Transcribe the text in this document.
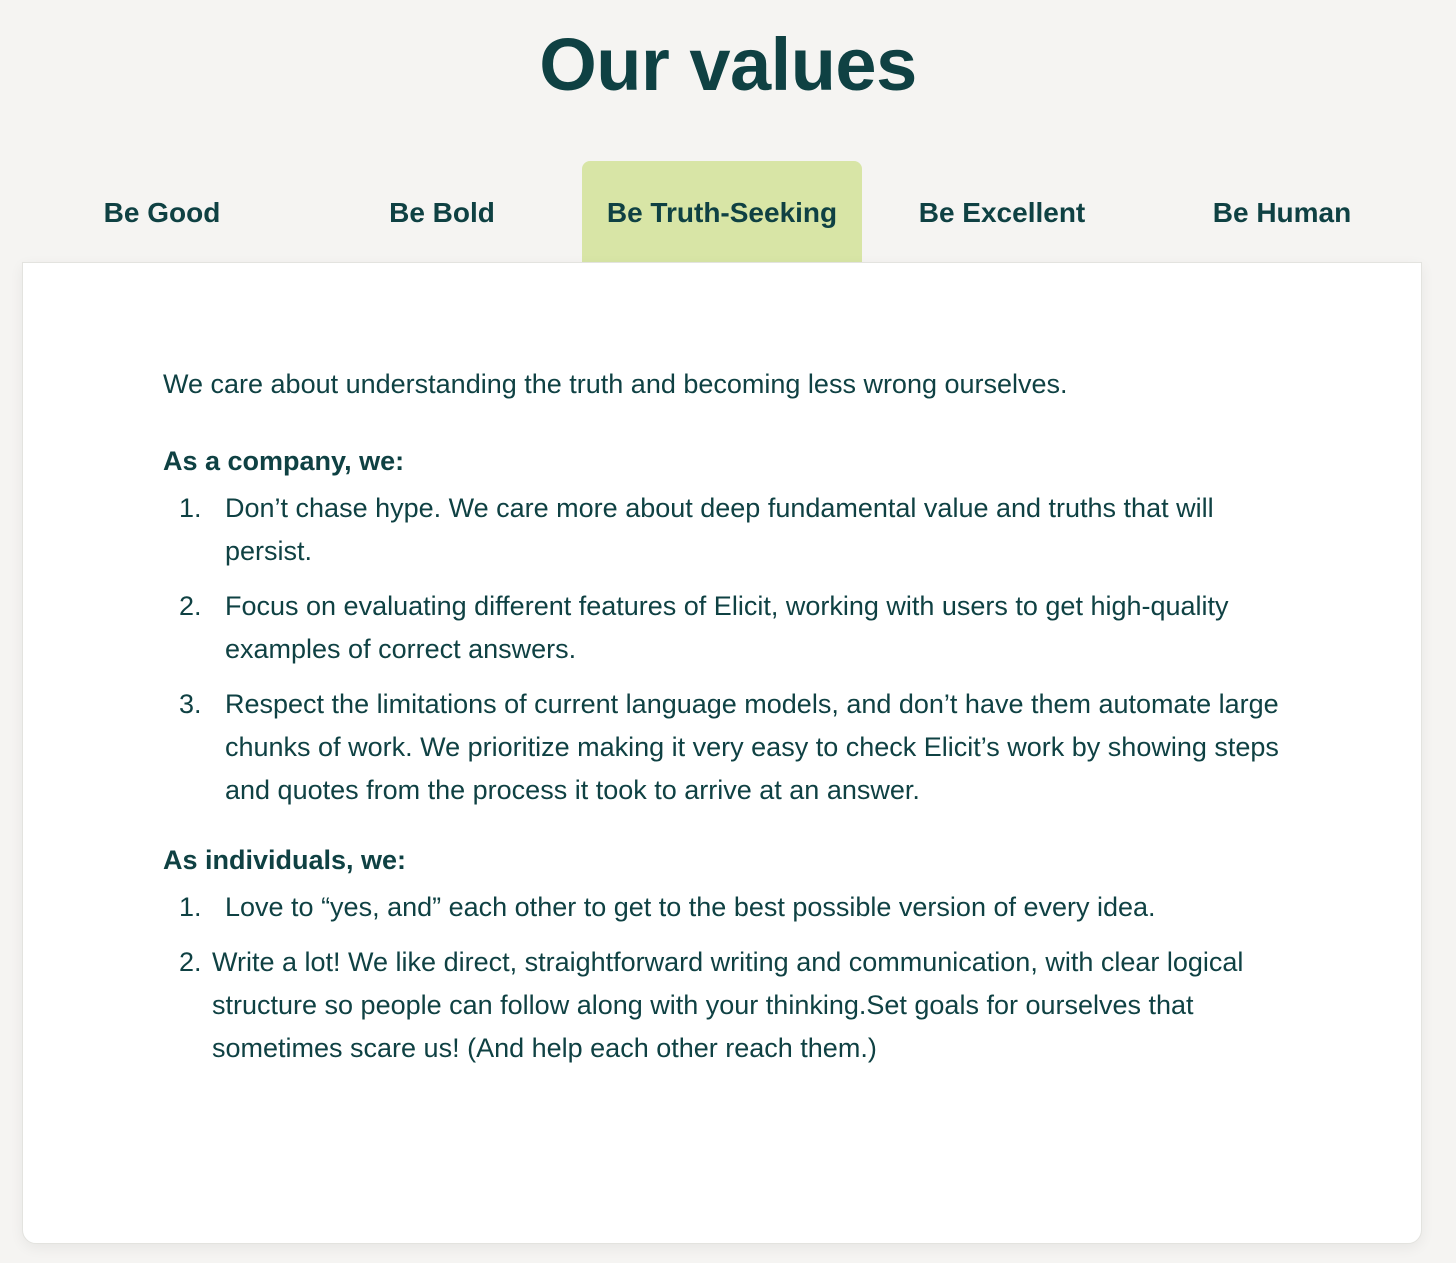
Our values
Be Good	Be Bold	Be Truth-Seeking	Be Excellent	Be Human

We care about understanding the truth and becoming less wrong ourselves.

As a company, we:

1. Don’t chase hype. We care more about deep fundamental value and truths that will persist.
2. Focus on evaluating different features of Elicit, working with users to get high-quality examples of correct answers.
3. Respect the limitations of current language models, and don’t have them automate large chunks of work. We prioritize making it very easy to check Elicit’s work by showing steps and quotes from the process it took to arrive at an answer.

As individuals, we:

1. Love to “yes, and” each other to get to the best possible version of every idea.
2. Write a lot! We like direct, straightforward writing and communication, with clear logical structure so people can follow along with your thinking.Set goals for ourselves that sometimes scare us! (And help each other reach them.)
